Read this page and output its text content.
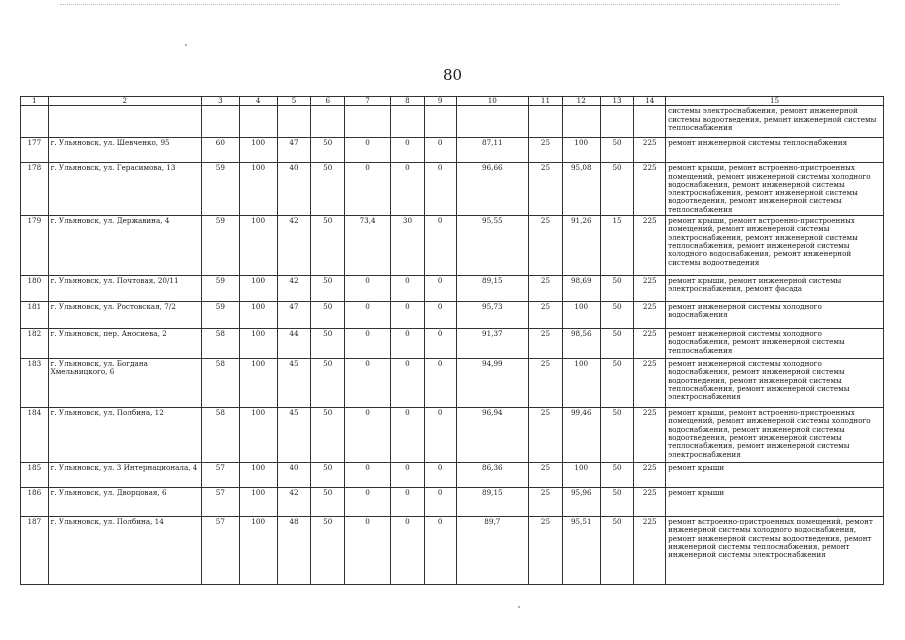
80
1	2	3	4	5	6	7	8	9	10	11	12	13	14	15
														системы электроснабжения, ремонт инженерной системы водоотведения, ремонт инженерной системы теплоснабжения
177	г. Ульяновск, ул. Шевченко, 95	60	100	47	50	0	0	0	87,11	25	100	50	225	ремонт инженерной системы теплоснабжения
178	г. Ульяновск, ул. Герасимова, 13	59	100	40	50	0	0	0	96,66	25	95,08	50	225	ремонт крыши, ремонт встроенно-пристроенных помещений, ремонт инженерной системы холодного водоснабжения, ремонт инженерной системы электроснабжения, ремонт инженерной системы водоотведения, ремонт инженерной системы теплоснабжения
179	г. Ульяновск, ул. Державина, 4	59	100	42	50	73,4	30	0	95,55	25	91,26	15	225	ремонт крыши, ремонт встроенно-пристроенных помещений, ремонт инженерной системы электроснабжения, ремонт инженерной системы теплоснабжения, ремонт инженерной системы холодного водоснабжения, ремонт инженерной системы водоотведения
180	г. Ульяновск, ул. Почтовая, 20/11	59	100	42	50	0	0	0	89,15	25	98,69	50	225	ремонт крыши, ремонт инженерной системы электроснабжения, ремонт фасада
181	г. Ульяновск, ул. Ростовская, 7/2	59	100	47	50	0	0	0	95,73	25	100	50	225	ремонт инженерной системы холодного водоснабжения
182	г. Ульяновск, пер. Аносиева, 2	58	100	44	50	0	0	0	91,37	25	98,56	50	225	ремонт инженерной системы холодного водоснабжения, ремонт инженерной системы теплоснабжения
183	г. Ульяновск, ул. Богдана Хмельницкого, 6	58	100	45	50	0	0	0	94,99	25	100	50	225	ремонт инженерной системы холодного водоснабжения, ремонт инженерной системы водоотведения, ремонт инженерной системы теплоснабжения, ремонт инженерной системы электроснабжения
184	г. Ульяновск, ул. Полбина, 12	58	100	45	50	0	0	0	96,94	25	99,46	50	225	ремонт крыши, ремонт встроенно-пристроенных помещений, ремонт инженерной системы холодного водоснабжения, ремонт инженерной системы водоотведения, ремонт инженерной системы теплоснабжения, ремонт инженерной системы электроснабжения
185	г. Ульяновск, ул. 3 Интернационала, 4	57	100	40	50	0	0	0	86,36	25	100	50	225	ремонт крыши
186	г. Ульяновск, ул. Дворцовая, 6	57	100	42	50	0	0	0	89,15	25	95,96	50	225	ремонт крыши
187	г. Ульяновск, ул. Полбина, 14	57	100	48	50	0	0	0	89,7	25	95,51	50	225	ремонт встроенно-пристроенных помещений, ремонт инженерной системы холодного водоснабжения, ремонт инженерной системы водоотведения, ремонт инженерной системы теплоснабжения, ремонт инженерной системы электроснабжения
